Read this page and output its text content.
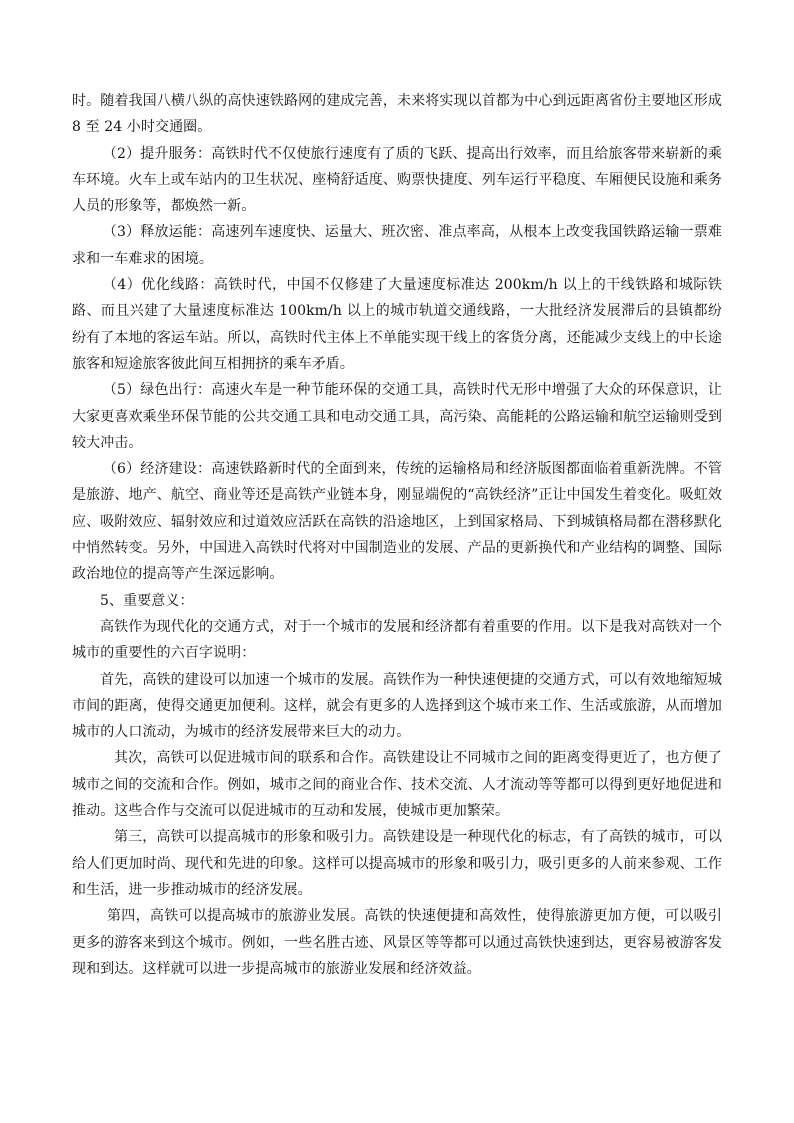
时。随着我国八横八纵的高快速铁路网的建成完善，未来将实现以首都为中心到远距离省份主要地区形成 8 至 24 小时交通圈。

（2）提升服务：高铁时代不仅使旅行速度有了质的飞跃、提高出行效率，而且给旅客带来崭新的乘车环境。火车上或车站内的卫生状况、座椅舒适度、购票快捷度、列车运行平稳度、车厢便民设施和乘务人员的形象等，都焕然一新。

（3）释放运能：高速列车速度快、运量大、班次密、准点率高，从根本上改变我国铁路运输一票难求和一车难求的困境。

（4）优化线路：高铁时代，中国不仅修建了大量速度标准达 200km/h 以上的干线铁路和城际铁路、而且兴建了大量速度标准达 100km/h 以上的城市轨道交通线路，一大批经济发展滞后的县镇都纷纷有了本地的客运车站。所以，高铁时代主体上不单能实现干线上的客货分离，还能减少支线上的中长途旅客和短途旅客彼此间互相拥挤的乘车矛盾。

（5）绿色出行：高速火车是一种节能环保的交通工具，高铁时代无形中增强了大众的环保意识，让大家更喜欢乘坐环保节能的公共交通工具和电动交通工具，高污染、高能耗的公路运输和航空运输则受到较大冲击。

（6）经济建设：高速铁路新时代的全面到来，传统的运输格局和经济版图都面临着重新洗牌。不管是旅游、地产、航空、商业等还是高铁产业链本身，刚显端倪的“高铁经济”正让中国发生着变化。吸虹效应、吸附效应、辐射效应和过道效应活跃在高铁的沿途地区，上到国家格局、下到城镇格局都在潜移默化中悄然转变。另外，中国进入高铁时代将对中国制造业的发展、产品的更新换代和产业结构的调整、国际政治地位的提高等产生深远影响。

5、重要意义：

高铁作为现代化的交通方式，对于一个城市的发展和经济都有着重要的作用。以下是我对高铁对一个城市的重要性的六百字说明：

首先，高铁的建设可以加速一个城市的发展。高铁作为一种快速便捷的交通方式，可以有效地缩短城市间的距离，使得交通更加便利。这样，就会有更多的人选择到这个城市来工作、生活或旅游，从而增加城市的人口流动，为城市的经济发展带来巨大的动力。

其次，高铁可以促进城市间的联系和合作。高铁建设让不同城市之间的距离变得更近了，也方便了城市之间的交流和合作。例如，城市之间的商业合作、技术交流、人才流动等等都可以得到更好地促进和推动。这些合作与交流可以促进城市的互动和发展，使城市更加繁荣。

第三，高铁可以提高城市的形象和吸引力。高铁建设是一种现代化的标志，有了高铁的城市，可以给人们更加时尚、现代和先进的印象。这样可以提高城市的形象和吸引力，吸引更多的人前来参观、工作和生活，进一步推动城市的经济发展。

第四，高铁可以提高城市的旅游业发展。高铁的快速便捷和高效性，使得旅游更加方便，可以吸引更多的游客来到这个城市。例如，一些名胜古迹、风景区等等都可以通过高铁快速到达，更容易被游客发现和到达。这样就可以进一步提高城市的旅游业发展和经济效益。
